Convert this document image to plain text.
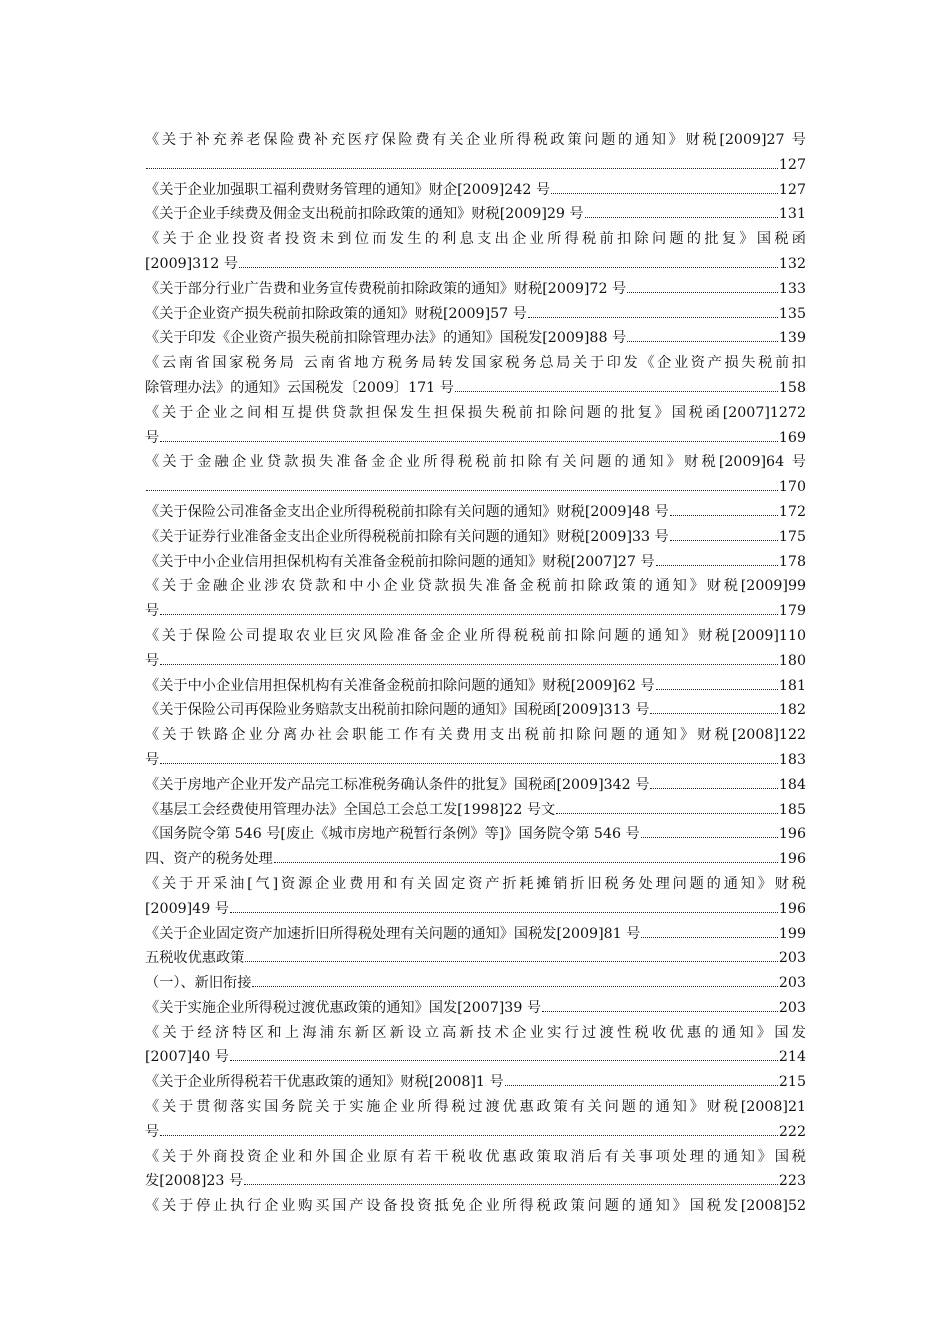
《关于补充养老保险费补充医疗保险费有关企业所得税政策问题的通知》财税[2009]27 号
127
《关于企业加强职工福利费财务管理的通知》财企[2009]242 号	127
《关于企业手续费及佣金支出税前扣除政策的通知》财税[2009]29 号	131
《关于企业投资者投资未到位而发生的利息支出企业所得税前扣除问题的批复》国税函
[2009]312 号	132
《关于部分行业广告费和业务宣传费税前扣除政策的通知》财税[2009]72 号	133
《关于企业资产损失税前扣除政策的通知》财税[2009]57 号	135
《关于印发《企业资产损失税前扣除管理办法》的通知》国税发[2009]88 号	139
《云南省国家税务局 云南省地方税务局转发国家税务总局关于印发《企业资产损失税前扣
除管理办法》的通知》云国税发〔2009〕171 号	158
《关于企业之间相互提供贷款担保发生担保损失税前扣除问题的批复》国税函[2007]1272
号	169
《关于金融企业贷款损失准备金企业所得税税前扣除有关问题的通知》财税[2009]64 号
170
《关于保险公司准备金支出企业所得税税前扣除有关问题的通知》财税[2009]48 号	172
《关于证券行业准备金支出企业所得税税前扣除有关问题的通知》财税[2009]33 号	175
《关于中小企业信用担保机构有关准备金税前扣除问题的通知》财税[2007]27 号	178
《关于金融企业涉农贷款和中小企业贷款损失准备金税前扣除政策的通知》财税[2009]99
号	179
《关于保险公司提取农业巨灾风险准备金企业所得税税前扣除问题的通知》财税[2009]110
号	180
《关于中小企业信用担保机构有关准备金税前扣除问题的通知》财税[2009]62 号	181
《关于保险公司再保险业务赔款支出税前扣除问题的通知》国税函[2009]313 号	182
《关于铁路企业分离办社会职能工作有关费用支出税前扣除问题的通知》财税[2008]122
号	183
《关于房地产企业开发产品完工标准税务确认条件的批复》国税函[2009]342 号	184
《基层工会经费使用管理办法》全国总工会总工发[1998]22 号文	185
《国务院令第 546 号[废止《城市房地产税暂行条例》等]》国务院令第 546 号	196
四、资产的税务处理	196
《关于开采油[气]资源企业费用和有关固定资产折耗摊销折旧税务处理问题的通知》财税
[2009]49 号	196
《关于企业固定资产加速折旧所得税处理有关问题的通知》国税发[2009]81 号	199
五税收优惠政策	203
（一）、新旧衔接	203
《关于实施企业所得税过渡优惠政策的通知》国发[2007]39 号	203
《关于经济特区和上海浦东新区新设立高新技术企业实行过渡性税收优惠的通知》国发
[2007]40 号	214
《关于企业所得税若干优惠政策的通知》财税[2008]1 号	215
《关于贯彻落实国务院关于实施企业所得税过渡优惠政策有关问题的通知》财税[2008]21
号	222
《关于外商投资企业和外国企业原有若干税收优惠政策取消后有关事项处理的通知》国税
发[2008]23 号	223
《关于停止执行企业购买国产设备投资抵免企业所得税政策问题的通知》国税发[2008]52
